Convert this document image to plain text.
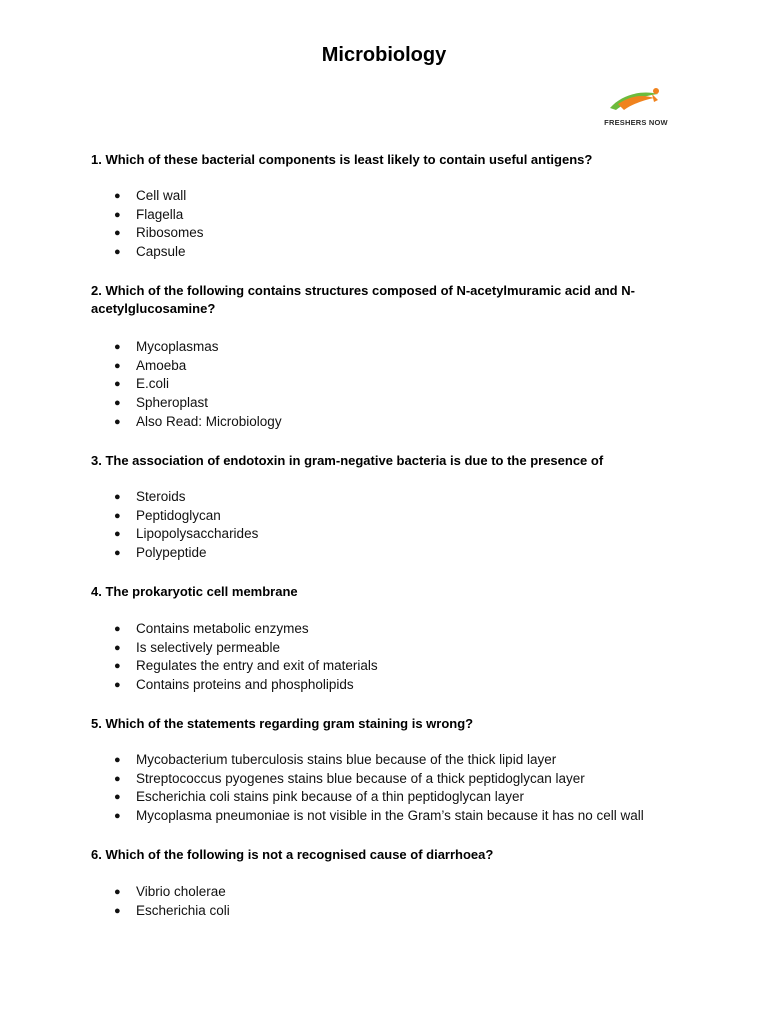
Microbiology
FRESHERS NOW

1. Which of these bacterial components is least likely to contain useful antigens?

● Cell wall
● Flagella
● Ribosomes
● Capsule

2. Which of the following contains structures composed of N-acetylmuramic acid and N-acetylglucosamine?

● Mycoplasmas
● Amoeba
● E.coli
● Spheroplast
● Also Read: Microbiology

3. The association of endotoxin in gram-negative bacteria is due to the presence of

● Steroids
● Peptidoglycan
● Lipopolysaccharides
● Polypeptide

4. The prokaryotic cell membrane

● Contains metabolic enzymes
● Is selectively permeable
● Regulates the entry and exit of materials
● Contains proteins and phospholipids

5. Which of the statements regarding gram staining is wrong?

● Mycobacterium tuberculosis stains blue because of the thick lipid layer
● Streptococcus pyogenes stains blue because of a thick peptidoglycan layer
● Escherichia coli stains pink because of a thin peptidoglycan layer
● Mycoplasma pneumoniae is not visible in the Gram’s stain because it has no cell wall

6. Which of the following is not a recognised cause of diarrhoea?

● Vibrio cholerae
● Escherichia coli
